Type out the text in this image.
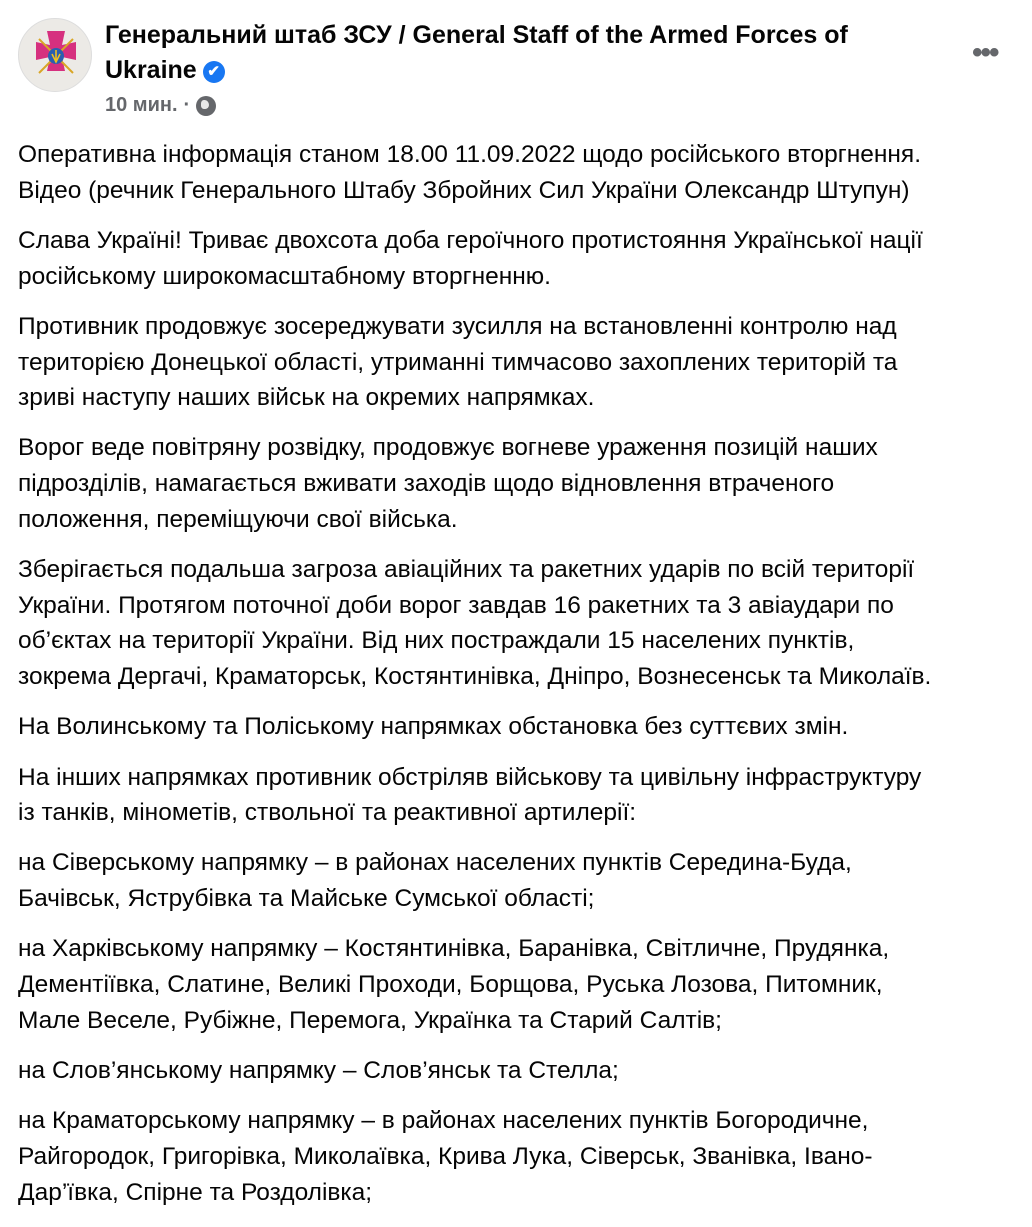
Генеральний штаб ЗСУ / General Staff of the Armed Forces of
Ukraine ✔
10 мин. ·
•••
Оперативна інформація станом 18.00 11.09.2022 щодо російського вторгнення.
Відео (речник Генерального Штабу Збройних Сил України Олександр Штупун)
Слава Україні! Триває двохсота доба героїчного протистояння Української нації
російському широкомасштабному вторгненню.
Противник продовжує зосереджувати зусилля на встановленні контролю над
територією Донецької області, утриманні тимчасово захоплених територій та
зриві наступу наших військ на окремих напрямках.
Ворог веде повітряну розвідку, продовжує вогневе ураження позицій наших
підрозділів, намагається вживати заходів щодо відновлення втраченого
положення, переміщуючи свої війська.
Зберігається подальша загроза авіаційних та ракетних ударів по всій території
України. Протягом поточної доби ворог завдав 16 ракетних та 3 авіаудари по
об’єктах на території України. Від них постраждали 15 населених пунктів,
зокрема Дергачі, Краматорськ, Костянтинівка, Дніпро, Вознесенськ та Миколаїв.
На Волинському та Поліському напрямках обстановка без суттєвих змін.
На інших напрямках противник обстріляв військову та цивільну інфраструктуру
із танків, мінометів, ствольної та реактивної артилерії:
на Сіверському напрямку – в районах населених пунктів Середина-Буда,
Бачівськ, Яструбівка та Майське Сумської області;
на Харківському напрямку – Костянтинівка, Баранівка, Світличне, Прудянка,
Дементіївка, Слатине, Великі Проходи, Борщова, Руська Лозова, Питомник,
Мале Веселе, Рубіжне, Перемога, Українка та Старий Салтів;
на Слов’янському напрямку – Слов’янськ та Стелла;
на Краматорському напрямку – в районах населених пунктів Богородичне,
Райгородок, Григорівка, Миколаївка, Крива Лука, Сіверськ, Званівка, Івано-
Дар’ївка, Спірне та Роздолівка;
